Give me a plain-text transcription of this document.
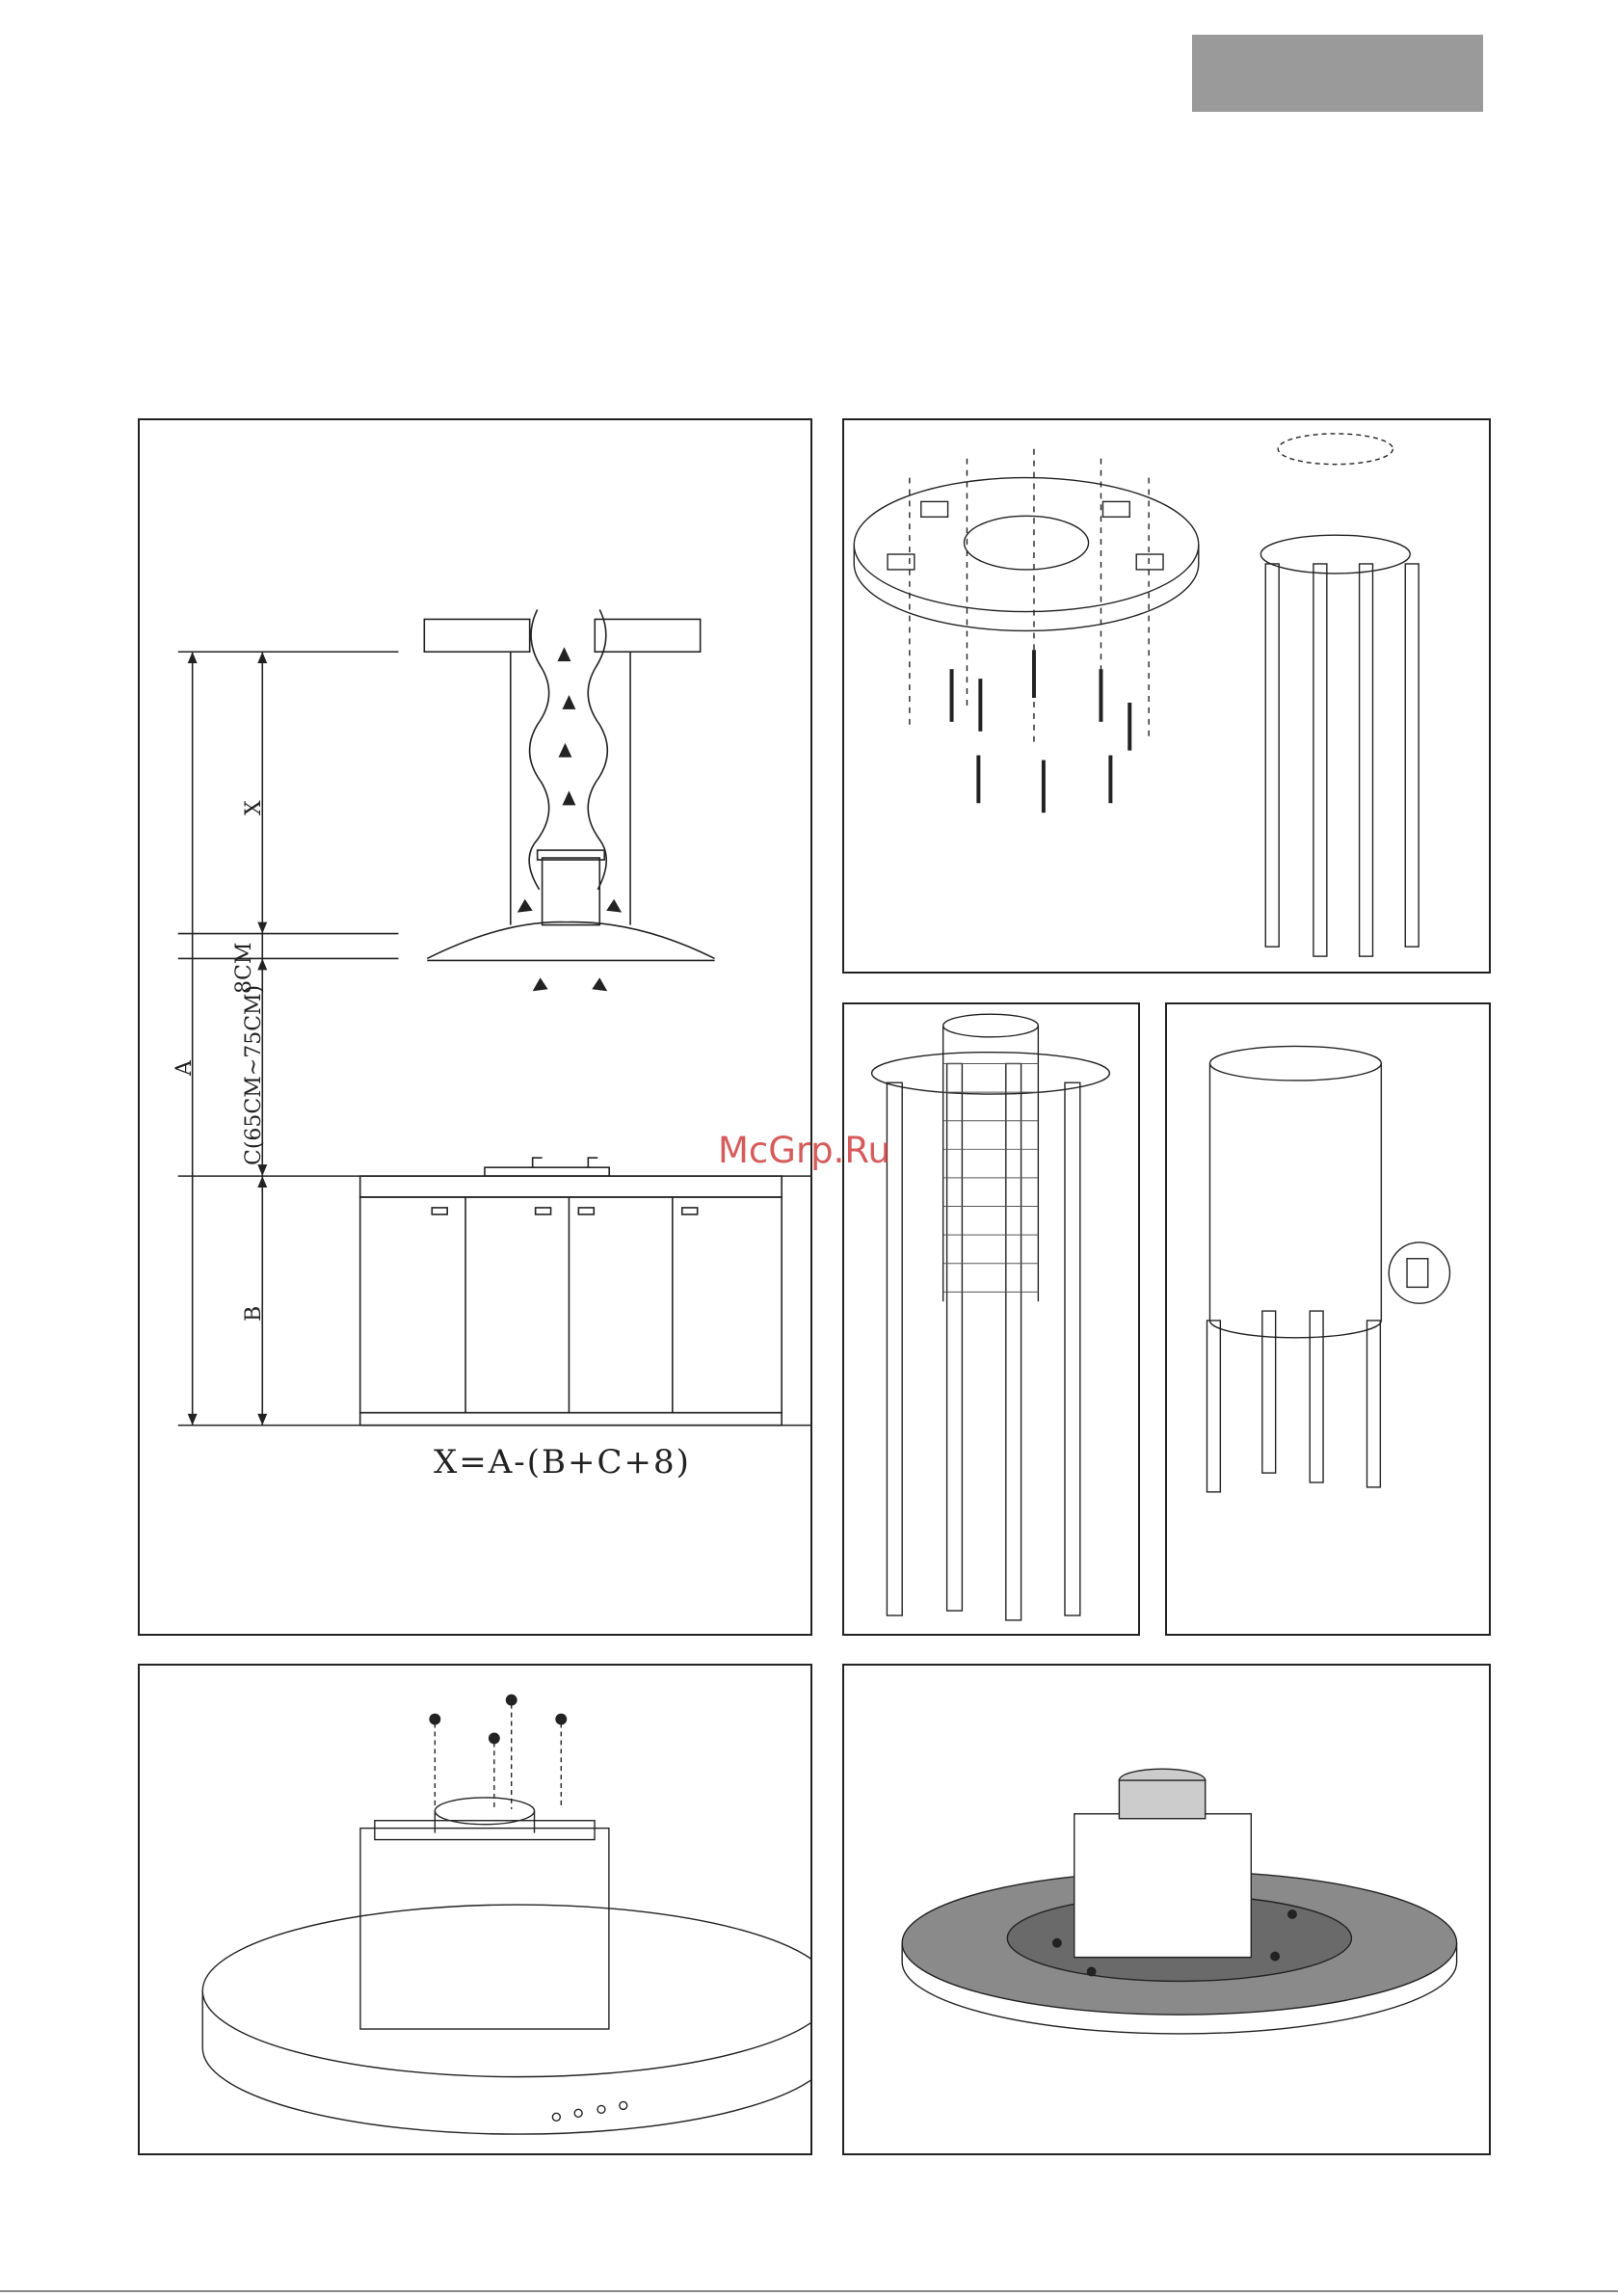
A
X
8CM
C(65CM~75CM)
B
X=A-(B+C+8)
McGrp.Ru
